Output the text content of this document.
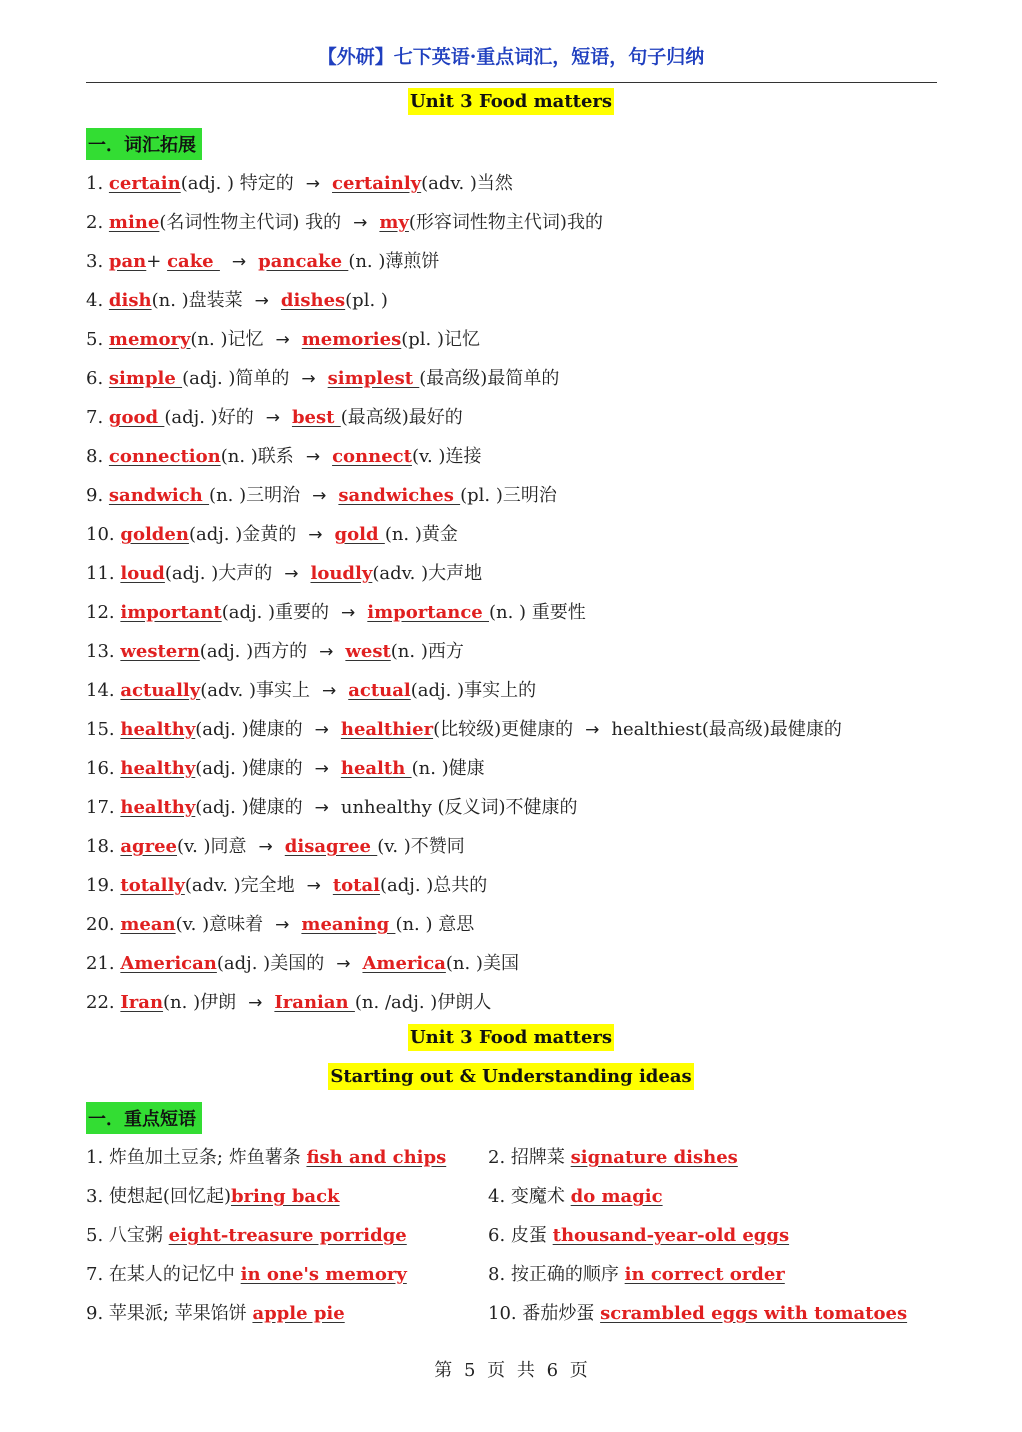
【外研】七下英语·重点词汇，短语，句子归纳
Unit 3 Food matters
一．词汇拓展
1. certain(adj. ) 特定的 → certainly(adv. )当然
2. mine(名词性物主代词) 我的 → my(形容词性物主代词)我的
3. pan+ cake → pancake (n. )薄煎饼
4. dish(n. )盘装菜 → dishes(pl. )
5. memory(n. )记忆 → memories(pl. )记忆
6. simple (adj. )简单的 → simplest (最高级)最简单的
7. good (adj. )好的 → best (最高级)最好的
8. connection(n. )联系 → connect(v. )连接
9. sandwich (n. )三明治 → sandwiches (pl. )三明治
10. golden(adj. )金黄的 → gold (n. )黄金
11. loud(adj. )大声的 → loudly(adv. )大声地
12. important(adj. )重要的 → importance (n. ) 重要性
13. western(adj. )西方的 → west(n. )西方
14. actually(adv. )事实上 → actual(adj. )事实上的
15. healthy(adj. )健康的 → healthier(比较级)更健康的 → healthiest(最高级)最健康的
16. healthy(adj. )健康的 → health (n. )健康
17. healthy(adj. )健康的 → unhealthy (反义词)不健康的
18. agree(v. )同意 → disagree (v. )不赞同
19. totally(adv. )完全地 → total(adj. )总共的
20. mean(v. )意味着 → meaning (n. ) 意思
21. American(adj. )美国的 → America(n. )美国
22. Iran(n. )伊朗 → Iranian (n. /adj. )伊朗人
Unit 3 Food matters
Starting out & Understanding ideas
一．重点短语
1. 炸鱼加土豆条; 炸鱼薯条 fish and chips 2. 招牌菜 signature dishes
3. 使想起(回忆起)bring back	4. 变魔术 do magic
5. 八宝粥 eight-treasure porridge	6. 皮蛋 thousand-year-old eggs
7. 在某人的记忆中 in one's memory	8. 按正确的顺序 in correct order
9. 苹果派; 苹果馅饼 apple pie	10. 番茄炒蛋 scrambled eggs with tomatoes
第 5 页 共 6 页
